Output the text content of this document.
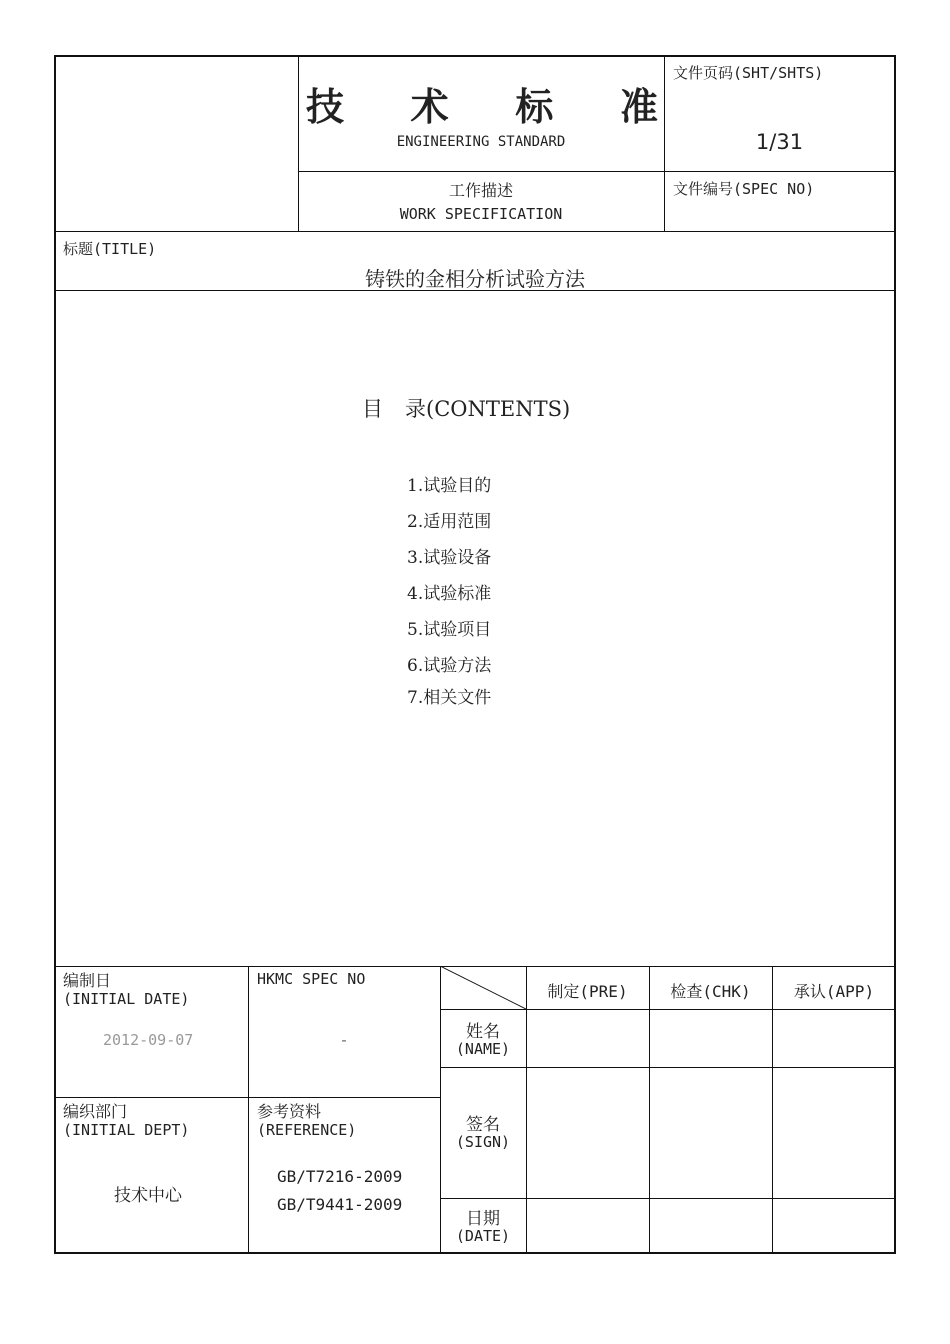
技 术 标 准
ENGINEERING STANDARD
文件页码(SHT/SHTS)
1/31
工作描述
WORK SPECIFICATION
文件编号(SPEC NO)
标题(TITLE)
铸铁的金相分析试验方法
目 录(CONTENTS)
1.试验目的
2.适用范围
3.试验设备
4.试验标准
5.试验项目
6.试验方法
7.相关文件
编制日
(INITIAL DATE)
2012-09-07
HKMC SPEC NO
-
编织部门
(INITIAL DEPT)
技术中心
参考资料
(REFERENCE)
GB/T7216-2009
GB/T9441-2009
制定(PRE)	检查(CHK)	承认(APP)
姓名
(NAME)
签名
(SIGN)
日期
(DATE)
